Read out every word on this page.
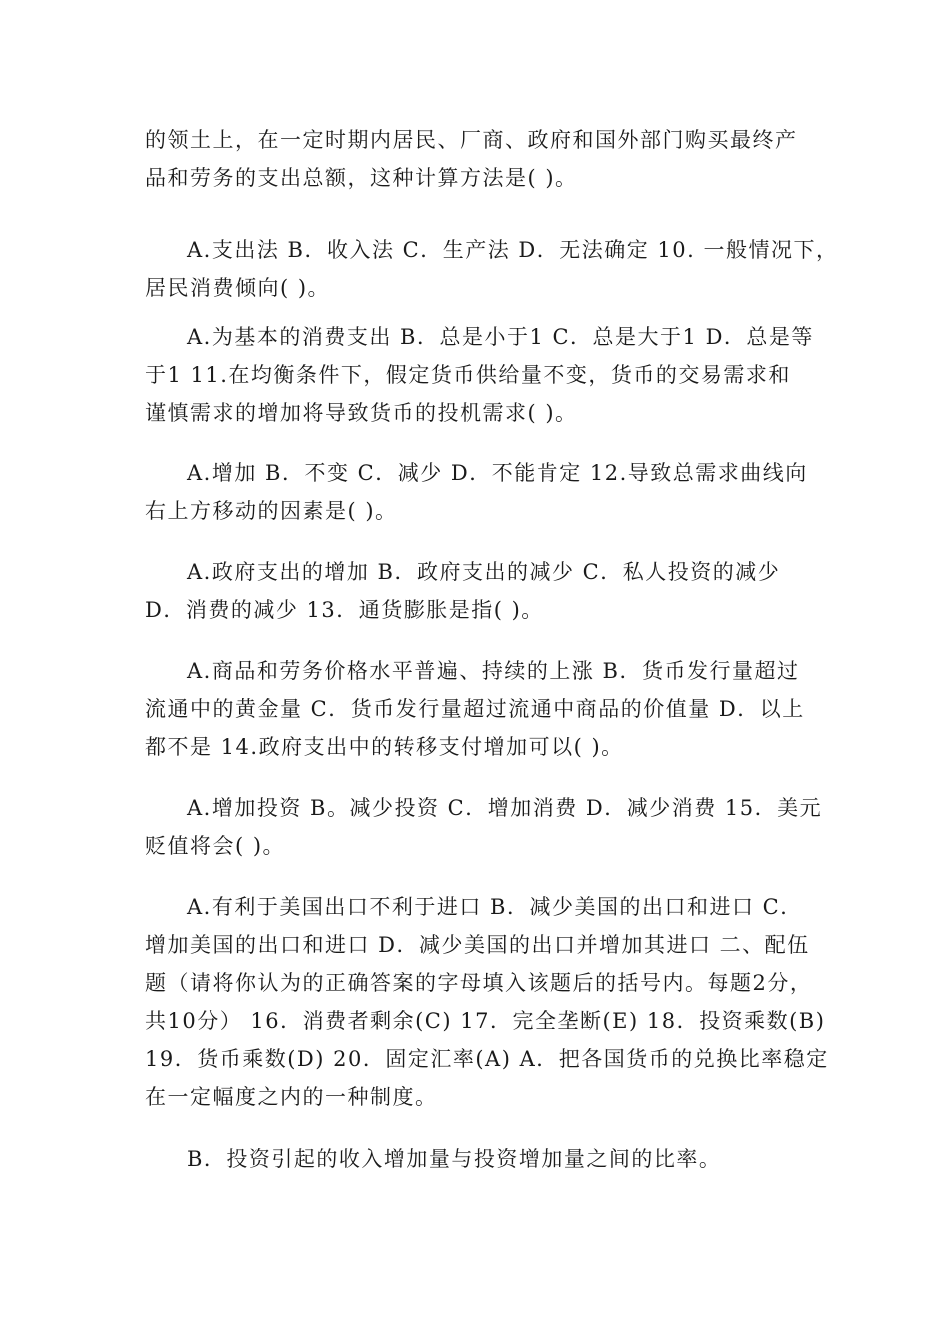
的领土上，在一定时期内居民、厂商、政府和国外部门购买最终产
品和劳务的支出总额，这种计算方法是( )。
A.支出法 B．收入法 C．生产法 D．无法确定 10. 一般情况下，
居民消费倾向( )。
A.为基本的消费支出 B．总是小于1 C．总是大于1 D．总是等
于1 11.在均衡条件下，假定货币供给量不变，货币的交易需求和
谨慎需求的增加将导致货币的投机需求( )。
A.增加 B．不变 C．减少 D．不能肯定 12.导致总需求曲线向
右上方移动的因素是( )。
A.政府支出的增加 B．政府支出的减少 C．私人投资的减少
D．消费的减少 13．通货膨胀是指( )。
A.商品和劳务价格水平普遍、持续的上涨 B．货币发行量超过
流通中的黄金量 C．货币发行量超过流通中商品的价值量 D．以上
都不是 14.政府支出中的转移支付增加可以( )。
A.增加投资 B。减少投资 C．增加消费 D．减少消费 15．美元
贬值将会( )。
A.有利于美国出口不利于进口 B．减少美国的出口和进口 C．
增加美国的出口和进口 D．减少美国的出口并增加其进口 二、配伍
题（请将你认为的正确答案的字母填入该题后的括号内。每题2分，
共10分） 16．消费者剩余(C) 17．完全垄断(E) 18．投资乘数(B)
19．货币乘数(D) 20．固定汇率(A) A．把各国货币的兑换比率稳定
在一定幅度之内的一种制度。
B．投资引起的收入增加量与投资增加量之间的比率。
